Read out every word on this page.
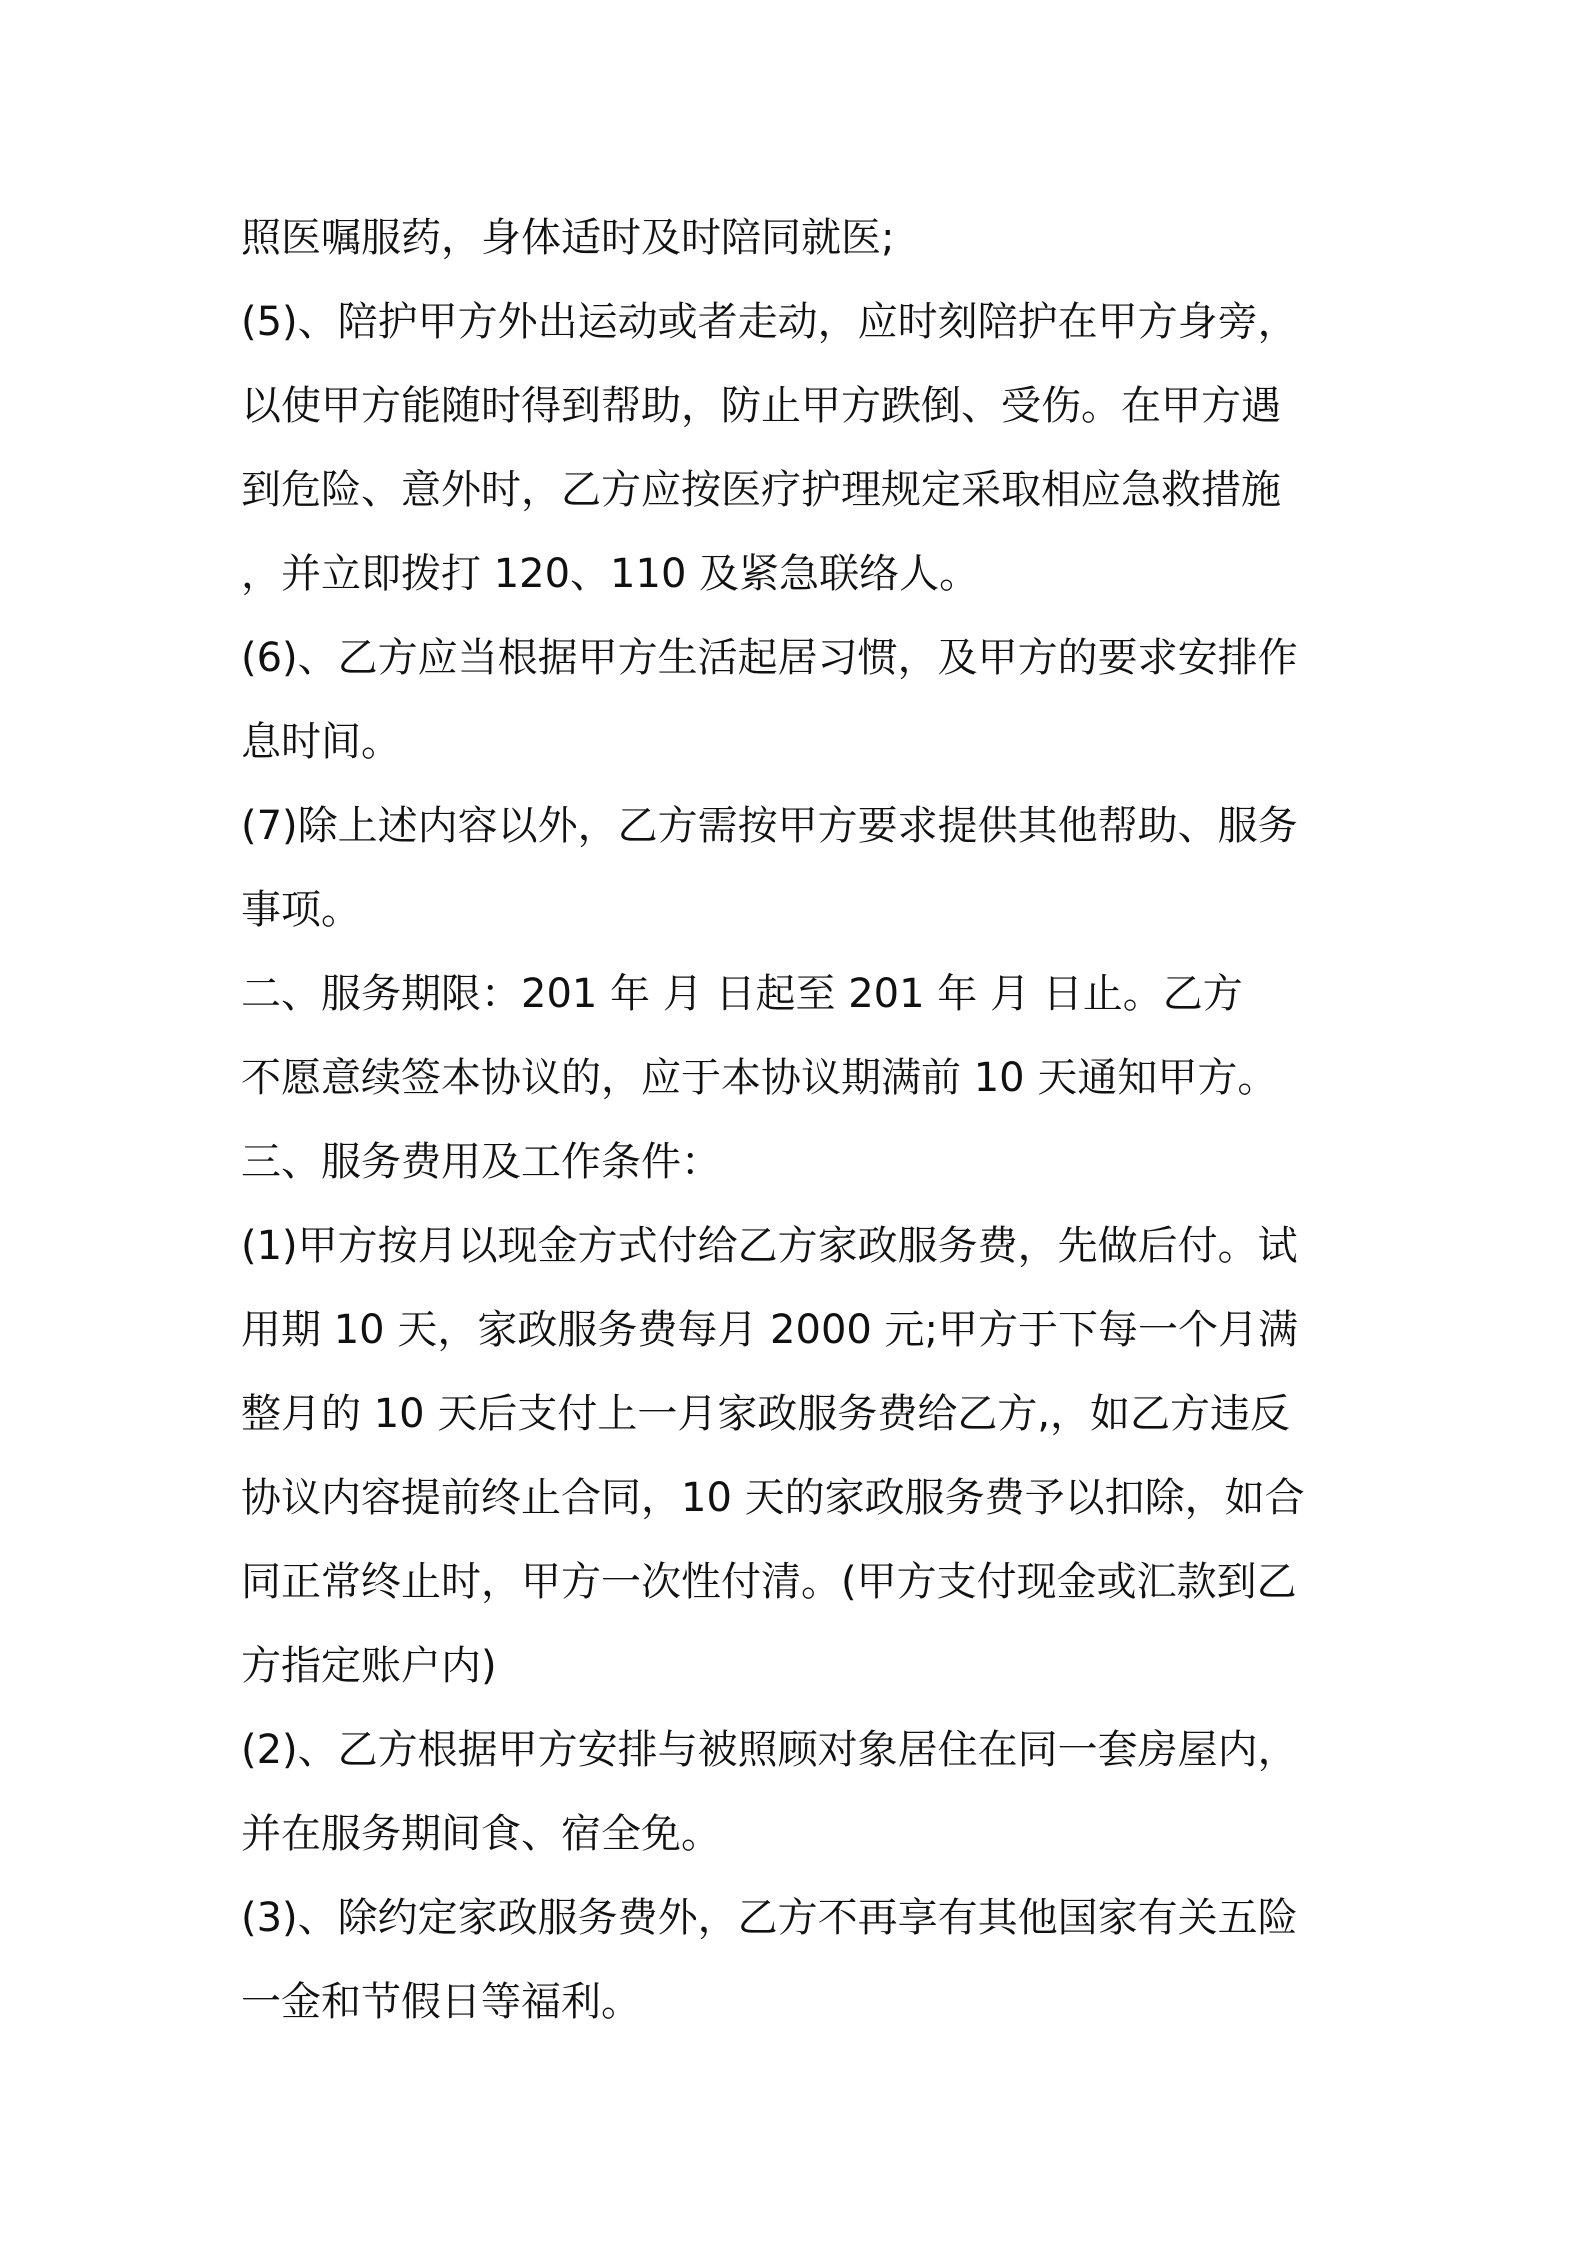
照医嘱服药，身体适时及时陪同就医;
(5)、陪护甲方外出运动或者走动，应时刻陪护在甲方身旁，
以使甲方能随时得到帮助，防止甲方跌倒、受伤。在甲方遇
到危险、意外时，乙方应按医疗护理规定采取相应急救措施
，并立即拨打 120、110 及紧急联络人。
(6)、乙方应当根据甲方生活起居习惯，及甲方的要求安排作
息时间。
(7)除上述内容以外，乙方需按甲方要求提供其他帮助、服务
事项。
二、服务期限：201 年 月 日起至 201 年 月 日止。乙方
不愿意续签本协议的，应于本协议期满前 10 天通知甲方。
三、服务费用及工作条件：
(1)甲方按月以现金方式付给乙方家政服务费，先做后付。试
用期 10 天，家政服务费每月 2000 元;甲方于下每一个月满
整月的 10 天后支付上一月家政服务费给乙方,，如乙方违反
协议内容提前终止合同，10 天的家政服务费予以扣除，如合
同正常终止时，甲方一次性付清。(甲方支付现金或汇款到乙
方指定账户内)
(2)、乙方根据甲方安排与被照顾对象居住在同一套房屋内，
并在服务期间食、宿全免。
(3)、除约定家政服务费外，乙方不再享有其他国家有关五险
一金和节假日等福利。
